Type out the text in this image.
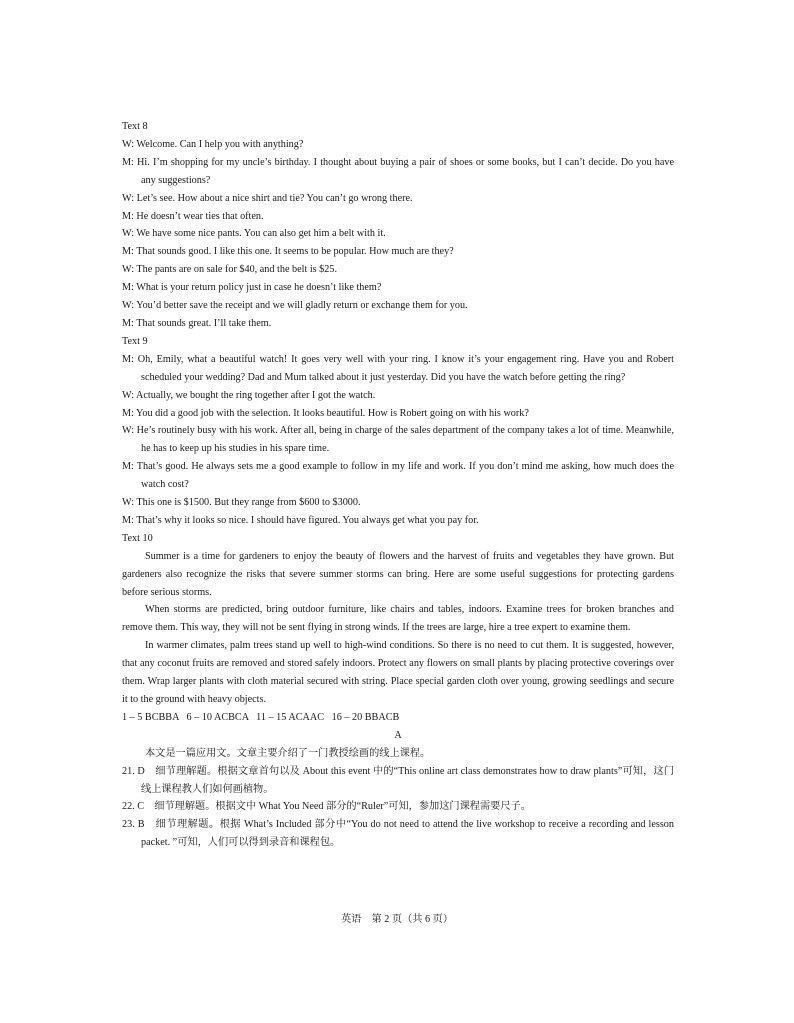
Text 8

W: Welcome. Can I help you with anything?

M: Hi. I’m shopping for my uncle’s birthday. I thought about buying a pair of shoes or some books, but I can’t decide. Do you have any suggestions?

W: Let’s see. How about a nice shirt and tie? You can’t go wrong there.

M: He doesn’t wear ties that often.

W: We have some nice pants. You can also get him a belt with it.

M: That sounds good. I like this one. It seems to be popular. How much are they?

W: The pants are on sale for $40, and the belt is $25.

M: What is your return policy just in case he doesn’t like them?

W: You’d better save the receipt and we will gladly return or exchange them for you.

M: That sounds great. I’ll take them.

Text 9

M: Oh, Emily, what a beautiful watch! It goes very well with your ring. I know it’s your engagement ring. Have you and Robert scheduled your wedding? Dad and Mum talked about it just yesterday. Did you have the watch before getting the ring?

W: Actually, we bought the ring together after I got the watch.

M: You did a good job with the selection. It looks beautiful. How is Robert going on with his work?

W: He’s routinely busy with his work. After all, being in charge of the sales department of the company takes a lot of time. Meanwhile, he has to keep up his studies in his spare time.

M: That’s good. He always sets me a good example to follow in my life and work. If you don’t mind me asking, how much does the watch cost?

W: This one is $1500. But they range from $600 to $3000.

M: That’s why it looks so nice. I should have figured. You always get what you pay for.

Text 10

Summer is a time for gardeners to enjoy the beauty of flowers and the harvest of fruits and vegetables they have grown. But gardeners also recognize the risks that severe summer storms can bring. Here are some useful suggestions for protecting gardens before serious storms.

When storms are predicted, bring outdoor furniture, like chairs and tables, indoors. Examine trees for broken branches and remove them. This way, they will not be sent flying in strong winds. If the trees are large, hire a tree expert to examine them.

In warmer climates, palm trees stand up well to high-wind conditions. So there is no need to cut them. It is suggested, however, that any coconut fruits are removed and stored safely indoors. Protect any flowers on small plants by placing protective coverings over them. Wrap larger plants with cloth material secured with string. Place special garden cloth over young, growing seedlings and secure it to the ground with heavy objects.

1 – 5 BCBBA   6 – 10 ACBCA   11 – 15 ACAAC   16 – 20 BBACB

A

本文是一篇应用文。文章主要介绍了一门教授绘画的线上课程。

21. D　细节理解题。根据文章首句以及 About this event 中的“This online art class demonstrates how to draw plants”可知，这门线上课程教人们如何画植物。

22. C　细节理解题。根据文中 What You Need 部分的“Ruler”可知，参加这门课程需要尺子。

23. B　细节理解题。根据 What’s Included 部分中“You do not need to attend the live workshop to receive a recording and lesson packet. ”可知，人们可以得到录音和课程包。

英语　第 2 页（共 6 页）
